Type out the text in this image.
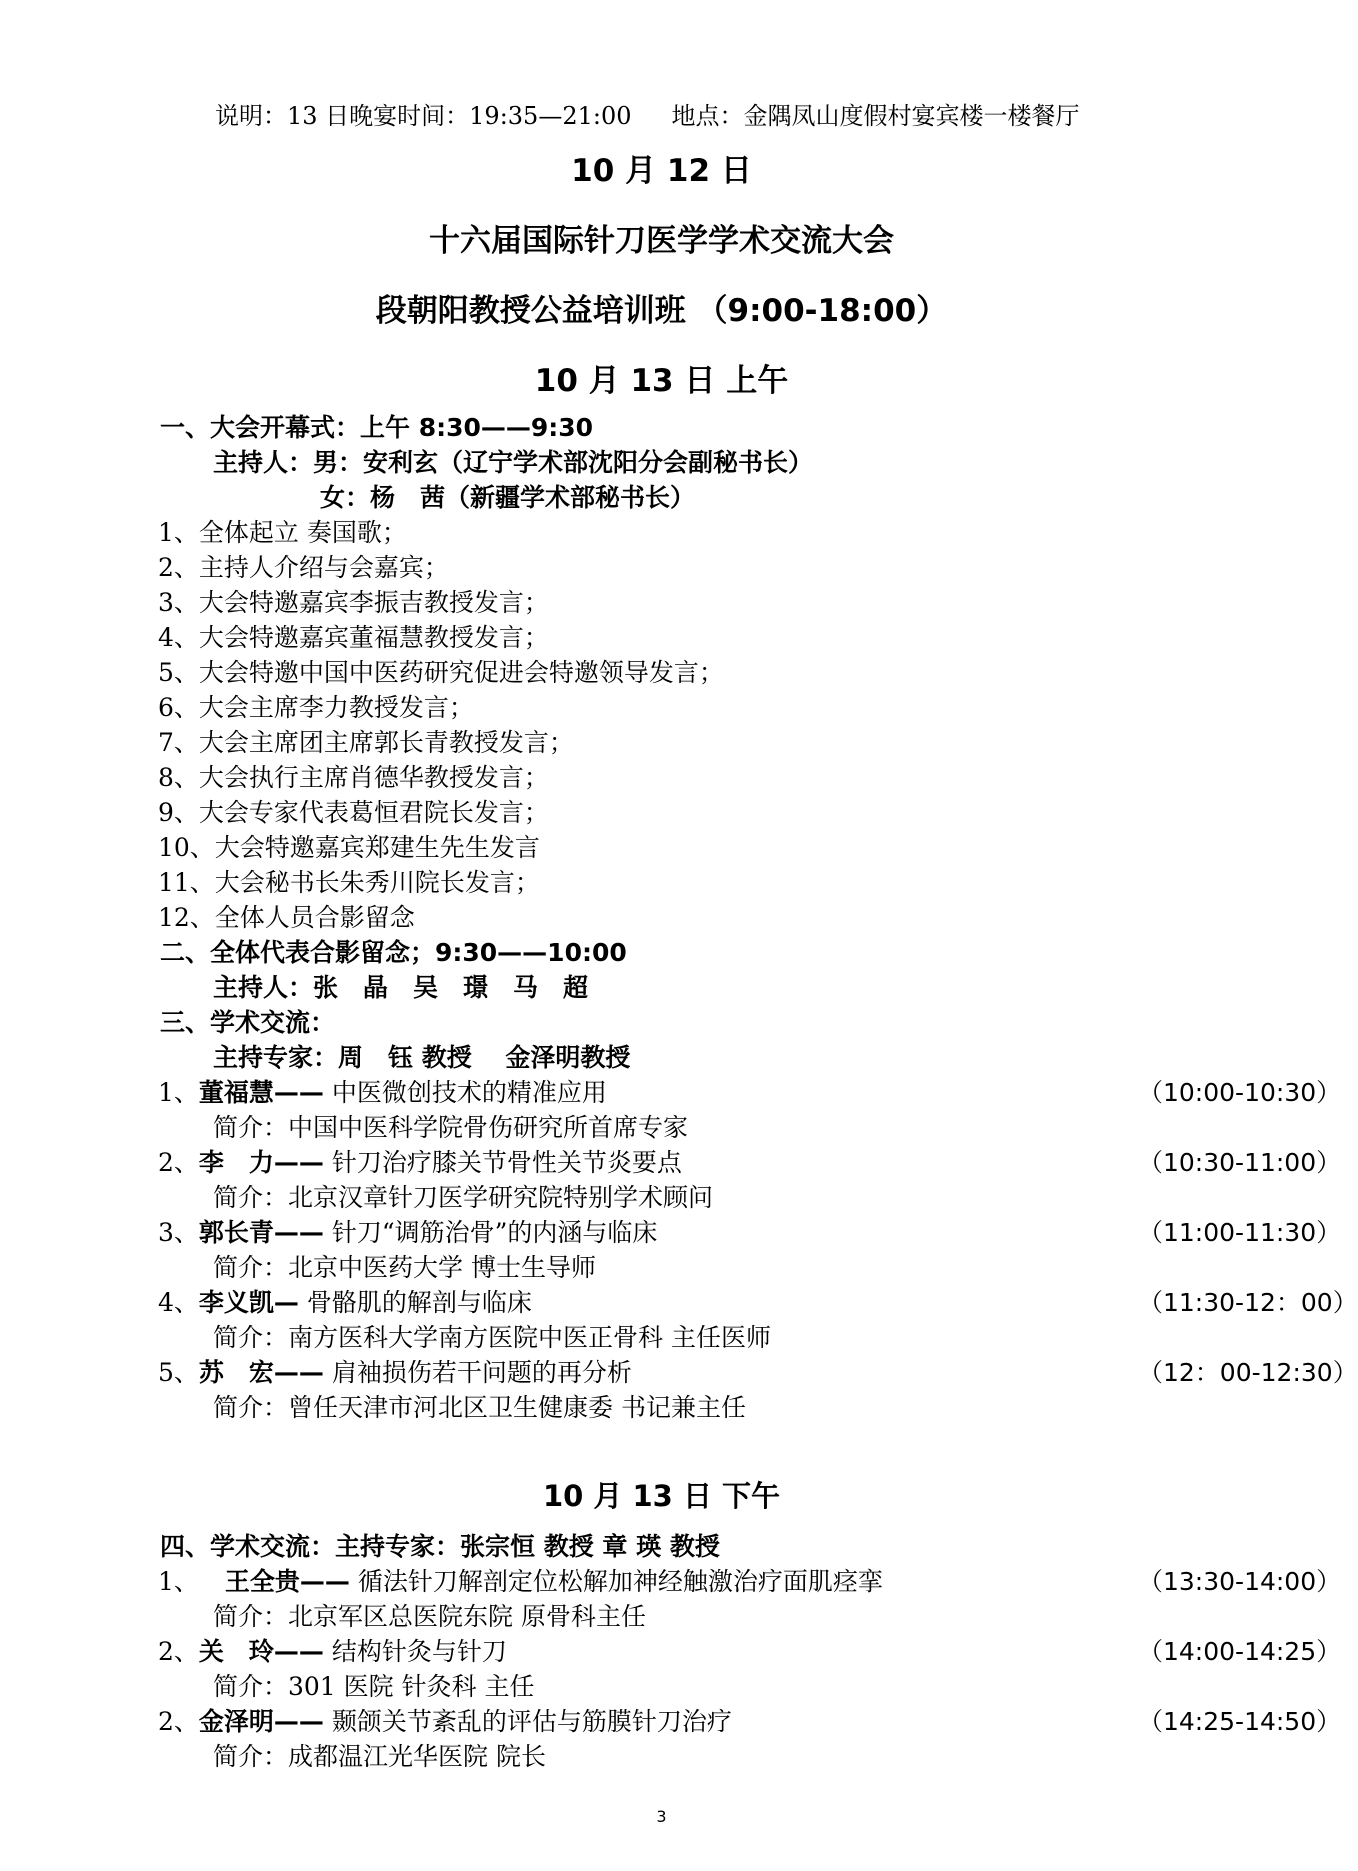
说明：13 日晚宴时间：19:35—21:00 地点：金隅凤山度假村宴宾楼一楼餐厅
10 月 12 日
十六届国际针刀医学学术交流大会
段朝阳教授公益培训班 （9:00-18:00）
10 月 13 日 上午
一、大会开幕式：上午 8:30——9:30
主持人：男：安利玄（辽宁学术部沈阳分会副秘书长）
女：杨　茜（新疆学术部秘书长）
1、全体起立 奏国歌；
2、主持人介绍与会嘉宾；
3、大会特邀嘉宾李振吉教授发言；
4、大会特邀嘉宾董福慧教授发言；
5、大会特邀中国中医药研究促进会特邀领导发言；
6、大会主席李力教授发言；
7、大会主席团主席郭长青教授发言；
8、大会执行主席肖德华教授发言；
9、大会专家代表葛恒君院长发言；
10、大会特邀嘉宾郑建生先生发言
11、大会秘书长朱秀川院长发言；
12、全体人员合影留念
二、全体代表合影留念；9:30——10:00
主持人：张　晶　吴　璟　马　超
三、学术交流：
主持专家：周　钰 教授　 金泽明教授
1、董福慧—— 中医微创技术的精准应用	（10:00-10:30）
简介：中国中医科学院骨伤研究所首席专家
2、李　力—— 针刀治疗膝关节骨性关节炎要点	（10:30-11:00）
简介：北京汉章针刀医学研究院特别学术顾问
3、郭长青—— 针刀“调筋治骨”的内涵与临床	（11:00-11:30）
简介：北京中医药大学 博士生导师
4、李义凯— 骨骼肌的解剖与临床	（11:30-12：00）
简介：南方医科大学南方医院中医正骨科 主任医师
5、苏　宏—— 肩袖损伤若干问题的再分析	（12：00-12:30）
简介：曾任天津市河北区卫生健康委 书记兼主任
10 月 13 日 下午
四、学术交流：主持专家：张宗恒 教授 章 瑛 教授
1、 王全贵—— 循法针刀解剖定位松解加神经触激治疗面肌痉挛	（13:30-14:00）
简介：北京军区总医院东院 原骨科主任
2、关　玲—— 结构针灸与针刀	（14:00-14:25）
简介：301 医院 针灸科 主任
2、金泽明—— 颞颌关节紊乱的评估与筋膜针刀治疗	（14:25-14:50）
简介：成都温江光华医院 院长
3
